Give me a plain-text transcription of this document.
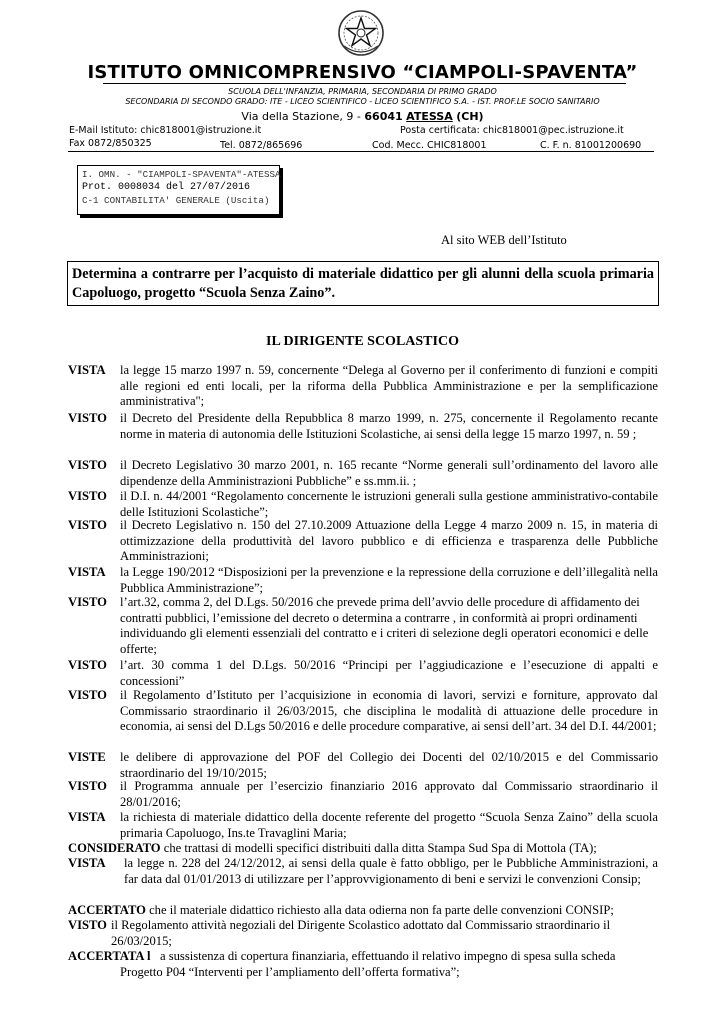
ISTITUTO OMNICOMPRENSIVO “CIAMPOLI-SPAVENTA”
SCUOLA DELL'INFANZIA, PRIMARIA, SECONDARIA DI PRIMO GRADO
SECONDARIA DI SECONDO GRADO: ITE - LICEO SCIENTIFICO - LICEO SCIENTIFICO S.A. - IST. PROF.LE SOCIO SANITARIO
Via della Stazione, 9 - 66041 ATESSA (CH)
E-Mail Istituto: chic818001@istruzione.it	Posta certificata: chic818001@pec.istruzione.it
Fax 0872/850325	Tel. 0872/865696	Cod. Mecc. CHIC818001	C. F. n. 81001200690
I. OMN. - "CIAMPOLI-SPAVENTA"-ATESSA
Prot. 0008034 del 27/07/2016
C-1 CONTABILITA' GENERALE (Uscita)
Al sito WEB dell’Istituto
Determina a contrarre per l’acquisto di materiale didattico per gli alunni della scuola primaria Capoluogo, progetto “Scuola Senza Zaino”.
IL DIRIGENTE SCOLASTICO
VISTA la legge 15 marzo 1997 n. 59, concernente “Delega al Governo per il conferimento di funzioni e compiti alle regioni ed enti locali, per la riforma della Pubblica Amministrazione e per la semplificazione amministrativa";
VISTO il Decreto del Presidente della Repubblica 8 marzo 1999, n. 275, concernente il Regolamento recante norme in materia di autonomia delle Istituzioni Scolastiche, ai sensi della legge 15 marzo 1997, n. 59 ;
VISTO il Decreto Legislativo 30 marzo 2001, n. 165 recante “Norme generali sull’ordinamento del lavoro alle dipendenze della Amministrazioni Pubbliche” e ss.mm.ii. ;
VISTO il D.I. n. 44/2001 “Regolamento concernente le istruzioni generali sulla gestione amministrativo-contabile delle Istituzioni Scolastiche”;
VISTO il Decreto Legislativo n. 150 del 27.10.2009 Attuazione della Legge 4 marzo 2009 n. 15, in materia di ottimizzazione della produttività del lavoro pubblico e di efficienza e trasparenza delle Pubbliche Amministrazioni;
VISTA la Legge 190/2012 “Disposizioni per la prevenzione e la repressione della corruzione e dell’illegalità nella Pubblica Amministrazione”;
VISTO l’art.32, comma 2, del D.Lgs. 50/2016 che prevede prima dell’avvio delle procedure di affidamento dei contratti pubblici, l’emissione del decreto o determina a contrarre , in conformità ai propri ordinamenti individuando gli elementi essenziali del contratto e i criteri di selezione degli operatori economici e delle offerte;
VISTO l’art. 30 comma 1 del D.Lgs. 50/2016 “Principi per l’aggiudicazione e l’esecuzione di appalti e concessioni”
VISTO il Regolamento d’Istituto per l’acquisizione in economia di lavori, servizi e forniture, approvato dal Commissario straordinario il 26/03/2015, che disciplina le modalità di attuazione delle procedure in economia, ai sensi del D.Lgs 50/2016 e delle procedure comparative, ai sensi dell’art. 34 del D.I. 44/2001;
VISTE le delibere di approvazione del POF del Collegio dei Docenti del 02/10/2015 e del Commissario straordinario del 19/10/2015;
VISTO il Programma annuale per l’esercizio finanziario 2016 approvato dal Commissario straordinario il 28/01/2016;
VISTA la richiesta di materiale didattico della docente referente del progetto “Scuola Senza Zaino” della scuola primaria Capoluogo, Ins.te Travaglini Maria;
CONSIDERATO che trattasi di modelli specifici distribuiti dalla ditta Stampa Sud Spa di Mottola (TA);
VISTA la legge n. 228 del 24/12/2012, ai sensi della quale è fatto obbligo, per le Pubbliche Amministrazioni, a far data dal 01/01/2013 di utilizzare per l’approvvigionamento di beni e servizi le convenzioni Consip;
ACCERTATO che il materiale didattico richiesto alla data odierna non fa parte delle convenzioni CONSIP;
VISTO il Regolamento attività negoziali del Dirigente Scolastico adottato dal Commissario straordinario il 26/03/2015;
ACCERTATA l a sussistenza di copertura finanziaria, effettuando il relativo impegno di spesa sulla scheda Progetto P04 “Interventi per l’ampliamento dell’offerta formativa”;
